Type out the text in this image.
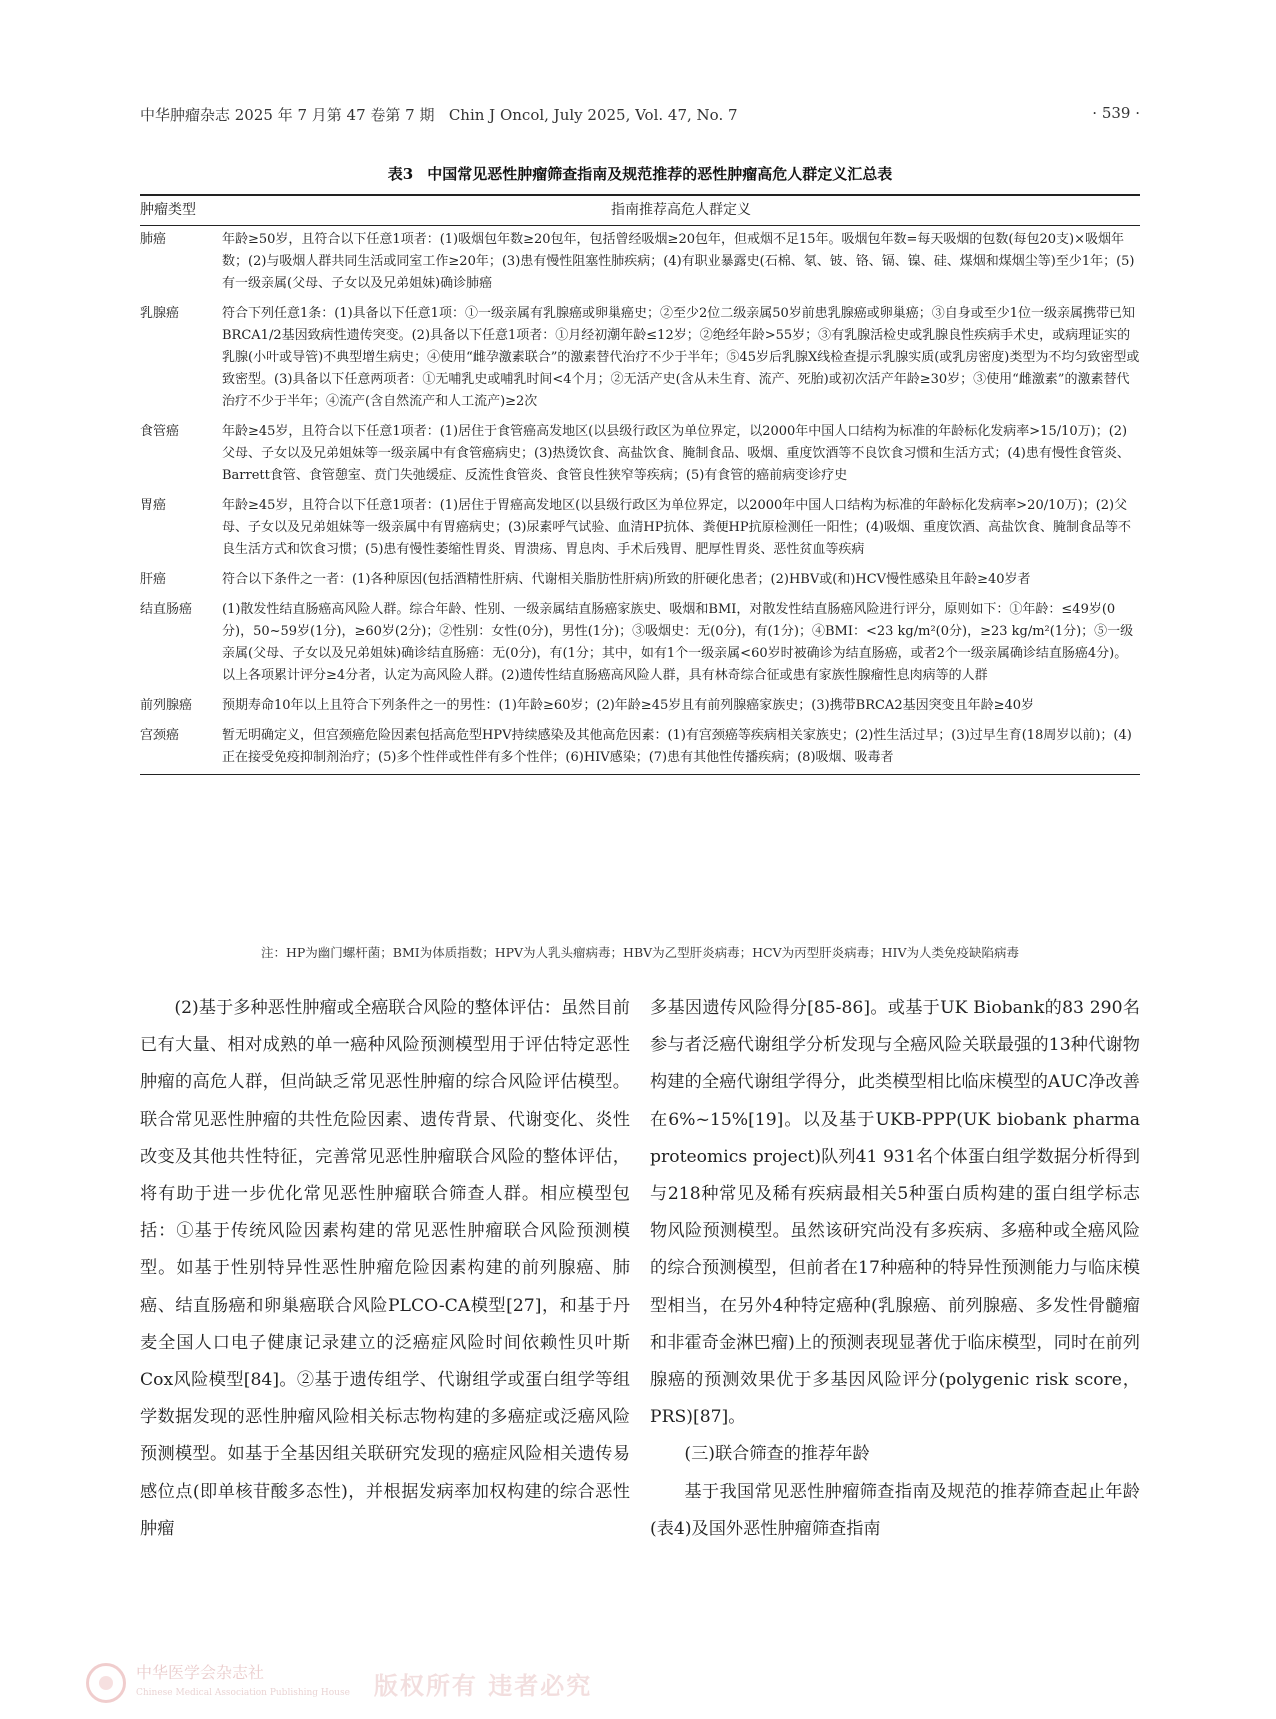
中华肿瘤杂志 2025 年 7 月第 47 卷第 7 期 Chin J Oncol, July 2025, Vol. 47, No. 7	· 539 ·
表3 中国常见恶性肿瘤筛查指南及规范推荐的恶性肿瘤高危人群定义汇总表
肿瘤类型	指南推荐高危人群定义
肺癌	年龄≥50岁，且符合以下任意1项者：(1)吸烟包年数≥20包年，包括曾经吸烟≥20包年，但戒烟不足15年。吸烟包年数=每天吸烟的包数(每包20支)×吸烟年数；(2)与吸烟人群共同生活或同室工作≥20年；(3)患有慢性阻塞性肺疾病；(4)有职业暴露史(石棉、氡、铍、铬、镉、镍、硅、煤烟和煤烟尘等)至少1年；(5)有一级亲属(父母、子女以及兄弟姐妹)确诊肺癌
乳腺癌	符合下列任意1条：(1)具备以下任意1项：①一级亲属有乳腺癌或卵巢癌史；②至少2位二级亲属50岁前患乳腺癌或卵巢癌；③自身或至少1位一级亲属携带已知BRCA1/2基因致病性遗传突变。(2)具备以下任意1项者：①月经初潮年龄≤12岁；②绝经年龄>55岁；③有乳腺活检史或乳腺良性疾病手术史，或病理证实的乳腺(小叶或导管)不典型增生病史；④使用“雌孕激素联合”的激素替代治疗不少于半年；⑤45岁后乳腺X线检查提示乳腺实质(或乳房密度)类型为不均匀致密型或致密型。(3)具备以下任意两项者：①无哺乳史或哺乳时间<4个月；②无活产史(含从未生育、流产、死胎)或初次活产年龄≥30岁；③使用“雌激素”的激素替代治疗不少于半年；④流产(含自然流产和人工流产)≥2次
食管癌	年龄≥45岁，且符合以下任意1项者：(1)居住于食管癌高发地区(以县级行政区为单位界定，以2000年中国人口结构为标准的年龄标化发病率>15/10万)；(2)父母、子女以及兄弟姐妹等一级亲属中有食管癌病史；(3)热烫饮食、高盐饮食、腌制食品、吸烟、重度饮酒等不良饮食习惯和生活方式；(4)患有慢性食管炎、Barrett食管、食管憩室、贲门失弛缓症、反流性食管炎、食管良性狭窄等疾病；(5)有食管的癌前病变诊疗史
胃癌	年龄≥45岁，且符合以下任意1项者：(1)居住于胃癌高发地区(以县级行政区为单位界定，以2000年中国人口结构为标准的年龄标化发病率>20/10万)；(2)父母、子女以及兄弟姐妹等一级亲属中有胃癌病史；(3)尿素呼气试验、血清HP抗体、粪便HP抗原检测任一阳性；(4)吸烟、重度饮酒、高盐饮食、腌制食品等不良生活方式和饮食习惯；(5)患有慢性萎缩性胃炎、胃溃疡、胃息肉、手术后残胃、肥厚性胃炎、恶性贫血等疾病
肝癌	符合以下条件之一者：(1)各种原因(包括酒精性肝病、代谢相关脂肪性肝病)所致的肝硬化患者；(2)HBV或(和)HCV慢性感染且年龄≥40岁者
结直肠癌	(1)散发性结直肠癌高风险人群。综合年龄、性别、一级亲属结直肠癌家族史、吸烟和BMI，对散发性结直肠癌风险进行评分，原则如下：①年龄：≤49岁(0分)，50~59岁(1分)，≥60岁(2分)；②性别：女性(0分)，男性(1分)；③吸烟史：无(0分)，有(1分)；④BMI：<23 kg/m²(0分)，≥23 kg/m²(1分)；⑤一级亲属(父母、子女以及兄弟姐妹)确诊结直肠癌：无(0分)，有(1分；其中，如有1个一级亲属<60岁时被确诊为结直肠癌，或者2个一级亲属确诊结直肠癌4分)。以上各项累计评分≥4分者，认定为高风险人群。(2)遗传性结直肠癌高风险人群，具有林奇综合征或患有家族性腺瘤性息肉病等的人群
前列腺癌	预期寿命10年以上且符合下列条件之一的男性：(1)年龄≥60岁；(2)年龄≥45岁且有前列腺癌家族史；(3)携带BRCA2基因突变且年龄≥40岁
宫颈癌	暂无明确定义，但宫颈癌危险因素包括高危型HPV持续感染及其他高危因素：(1)有宫颈癌等疾病相关家族史；(2)性生活过早；(3)过早生育(18周岁以前)；(4)正在接受免疫抑制剂治疗；(5)多个性伴或性伴有多个性伴；(6)HIV感染；(7)患有其他性传播疾病；(8)吸烟、吸毒者
注：HP为幽门螺杆菌；BMI为体质指数；HPV为人乳头瘤病毒；HBV为乙型肝炎病毒；HCV为丙型肝炎病毒；HIV为人类免疫缺陷病毒

(2)基于多种恶性肿瘤或全癌联合风险的整体评估：虽然目前已有大量、相对成熟的单一癌种风险预测模型用于评估特定恶性肿瘤的高危人群，但尚缺乏常见恶性肿瘤的综合风险评估模型。联合常见恶性肿瘤的共性危险因素、遗传背景、代谢变化、炎性改变及其他共性特征，完善常见恶性肿瘤联合风险的整体评估，将有助于进一步优化常见恶性肿瘤联合筛查人群。相应模型包括：①基于传统风险因素构建的常见恶性肿瘤联合风险预测模型。如基于性别特异性恶性肿瘤危险因素构建的前列腺癌、肺癌、结直肠癌和卵巢癌联合风险PLCO-CA模型[27]，和基于丹麦全国人口电子健康记录建立的泛癌症风险时间依赖性贝叶斯Cox风险模型[84]。②基于遗传组学、代谢组学或蛋白组学等组学数据发现的恶性肿瘤风险相关标志物构建的多癌症或泛癌风险预测模型。如基于全基因组关联研究发现的癌症风险相关遗传易感位点(即单核苷酸多态性)，并根据发病率加权构建的综合恶性肿瘤

多基因遗传风险得分[85-86]。或基于UK Biobank的83 290名参与者泛癌代谢组学分析发现与全癌风险关联最强的13种代谢物构建的全癌代谢组学得分，此类模型相比临床模型的AUC净改善在6%~15%[19]。以及基于UKB-PPP(UK biobank pharma proteomics project)队列41 931名个体蛋白组学数据分析得到与218种常见及稀有疾病最相关5种蛋白质构建的蛋白组学标志物风险预测模型。虽然该研究尚没有多疾病、多癌种或全癌风险的综合预测模型，但前者在17种癌种的特异性预测能力与临床模型相当，在另外4种特定癌种(乳腺癌、前列腺癌、多发性骨髓瘤和非霍奇金淋巴瘤)上的预测表现显著优于临床模型，同时在前列腺癌的预测效果优于多基因风险评分(polygenic risk score，PRS)[87]。

(三)联合筛查的推荐年龄

基于我国常见恶性肿瘤筛查指南及规范的推荐筛查起止年龄(表4)及国外恶性肿瘤筛查指南

中华医学会杂志社
Chinese Medical Association Publishing House 版权所有 违者必究
